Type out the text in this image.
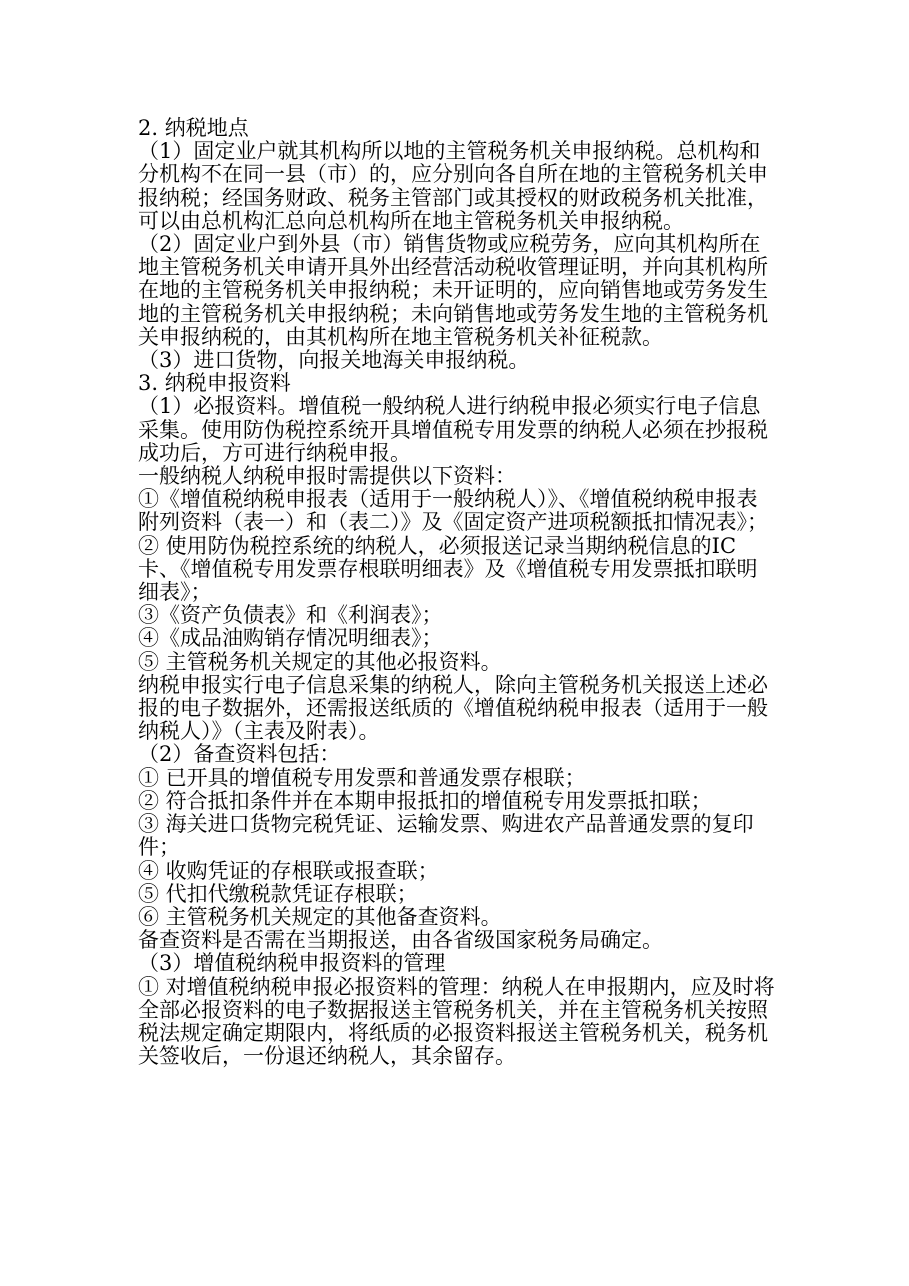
2. 纳税地点

（1）固定业户就其机构所以地的主管税务机关申报纳税。总机构和分机构不在同一县（市）的，应分别向各自所在地的主管税务机关申报纳税；经国务财政、税务主管部门或其授权的财政税务机关批准，可以由总机构汇总向总机构所在地主管税务机关申报纳税。

（2）固定业户到外县（市）销售货物或应税劳务，应向其机构所在地主管税务机关申请开具外出经营活动税收管理证明，并向其机构所在地的主管税务机关申报纳税；未开证明的，应向销售地或劳务发生地的主管税务机关申报纳税；未向销售地或劳务发生地的主管税务机关申报纳税的，由其机构所在地主管税务机关补征税款。

（3）进口货物，向报关地海关申报纳税。

3. 纳税申报资料

（1）必报资料。增值税一般纳税人进行纳税申报必须实行电子信息采集。使用防伪税控系统开具增值税专用发票的纳税人必须在抄报税成功后，方可进行纳税申报。

一般纳税人纳税申报时需提供以下资料：

①《增值税纳税申报表（适用于一般纳税人）》、《增值税纳税申报表附列资料（表一）和（表二）》及《固定资产进项税额抵扣情况表》；

② 使用防伪税控系统的纳税人，必须报送记录当期纳税信息的IC卡、《增值税专用发票存根联明细表》及《增值税专用发票抵扣联明细表》；

③《资产负债表》和《利润表》；

④《成品油购销存情况明细表》；

⑤ 主管税务机关规定的其他必报资料。

纳税申报实行电子信息采集的纳税人，除向主管税务机关报送上述必报的电子数据外，还需报送纸质的《增值税纳税申报表（适用于一般纳税人）》（主表及附表）。

（2）备查资料包括：

① 已开具的增值税专用发票和普通发票存根联；

② 符合抵扣条件并在本期申报抵扣的增值税专用发票抵扣联；

③ 海关进口货物完税凭证、运输发票、购进农产品普通发票的复印件；

④ 收购凭证的存根联或报查联；

⑤ 代扣代缴税款凭证存根联；

⑥ 主管税务机关规定的其他备查资料。

备查资料是否需在当期报送，由各省级国家税务局确定。

（3）增值税纳税申报资料的管理

① 对增值税纳税申报必报资料的管理：纳税人在申报期内，应及时将全部必报资料的电子数据报送主管税务机关，并在主管税务机关按照税法规定确定期限内，将纸质的必报资料报送主管税务机关，税务机关签收后，一份退还纳税人，其余留存。
